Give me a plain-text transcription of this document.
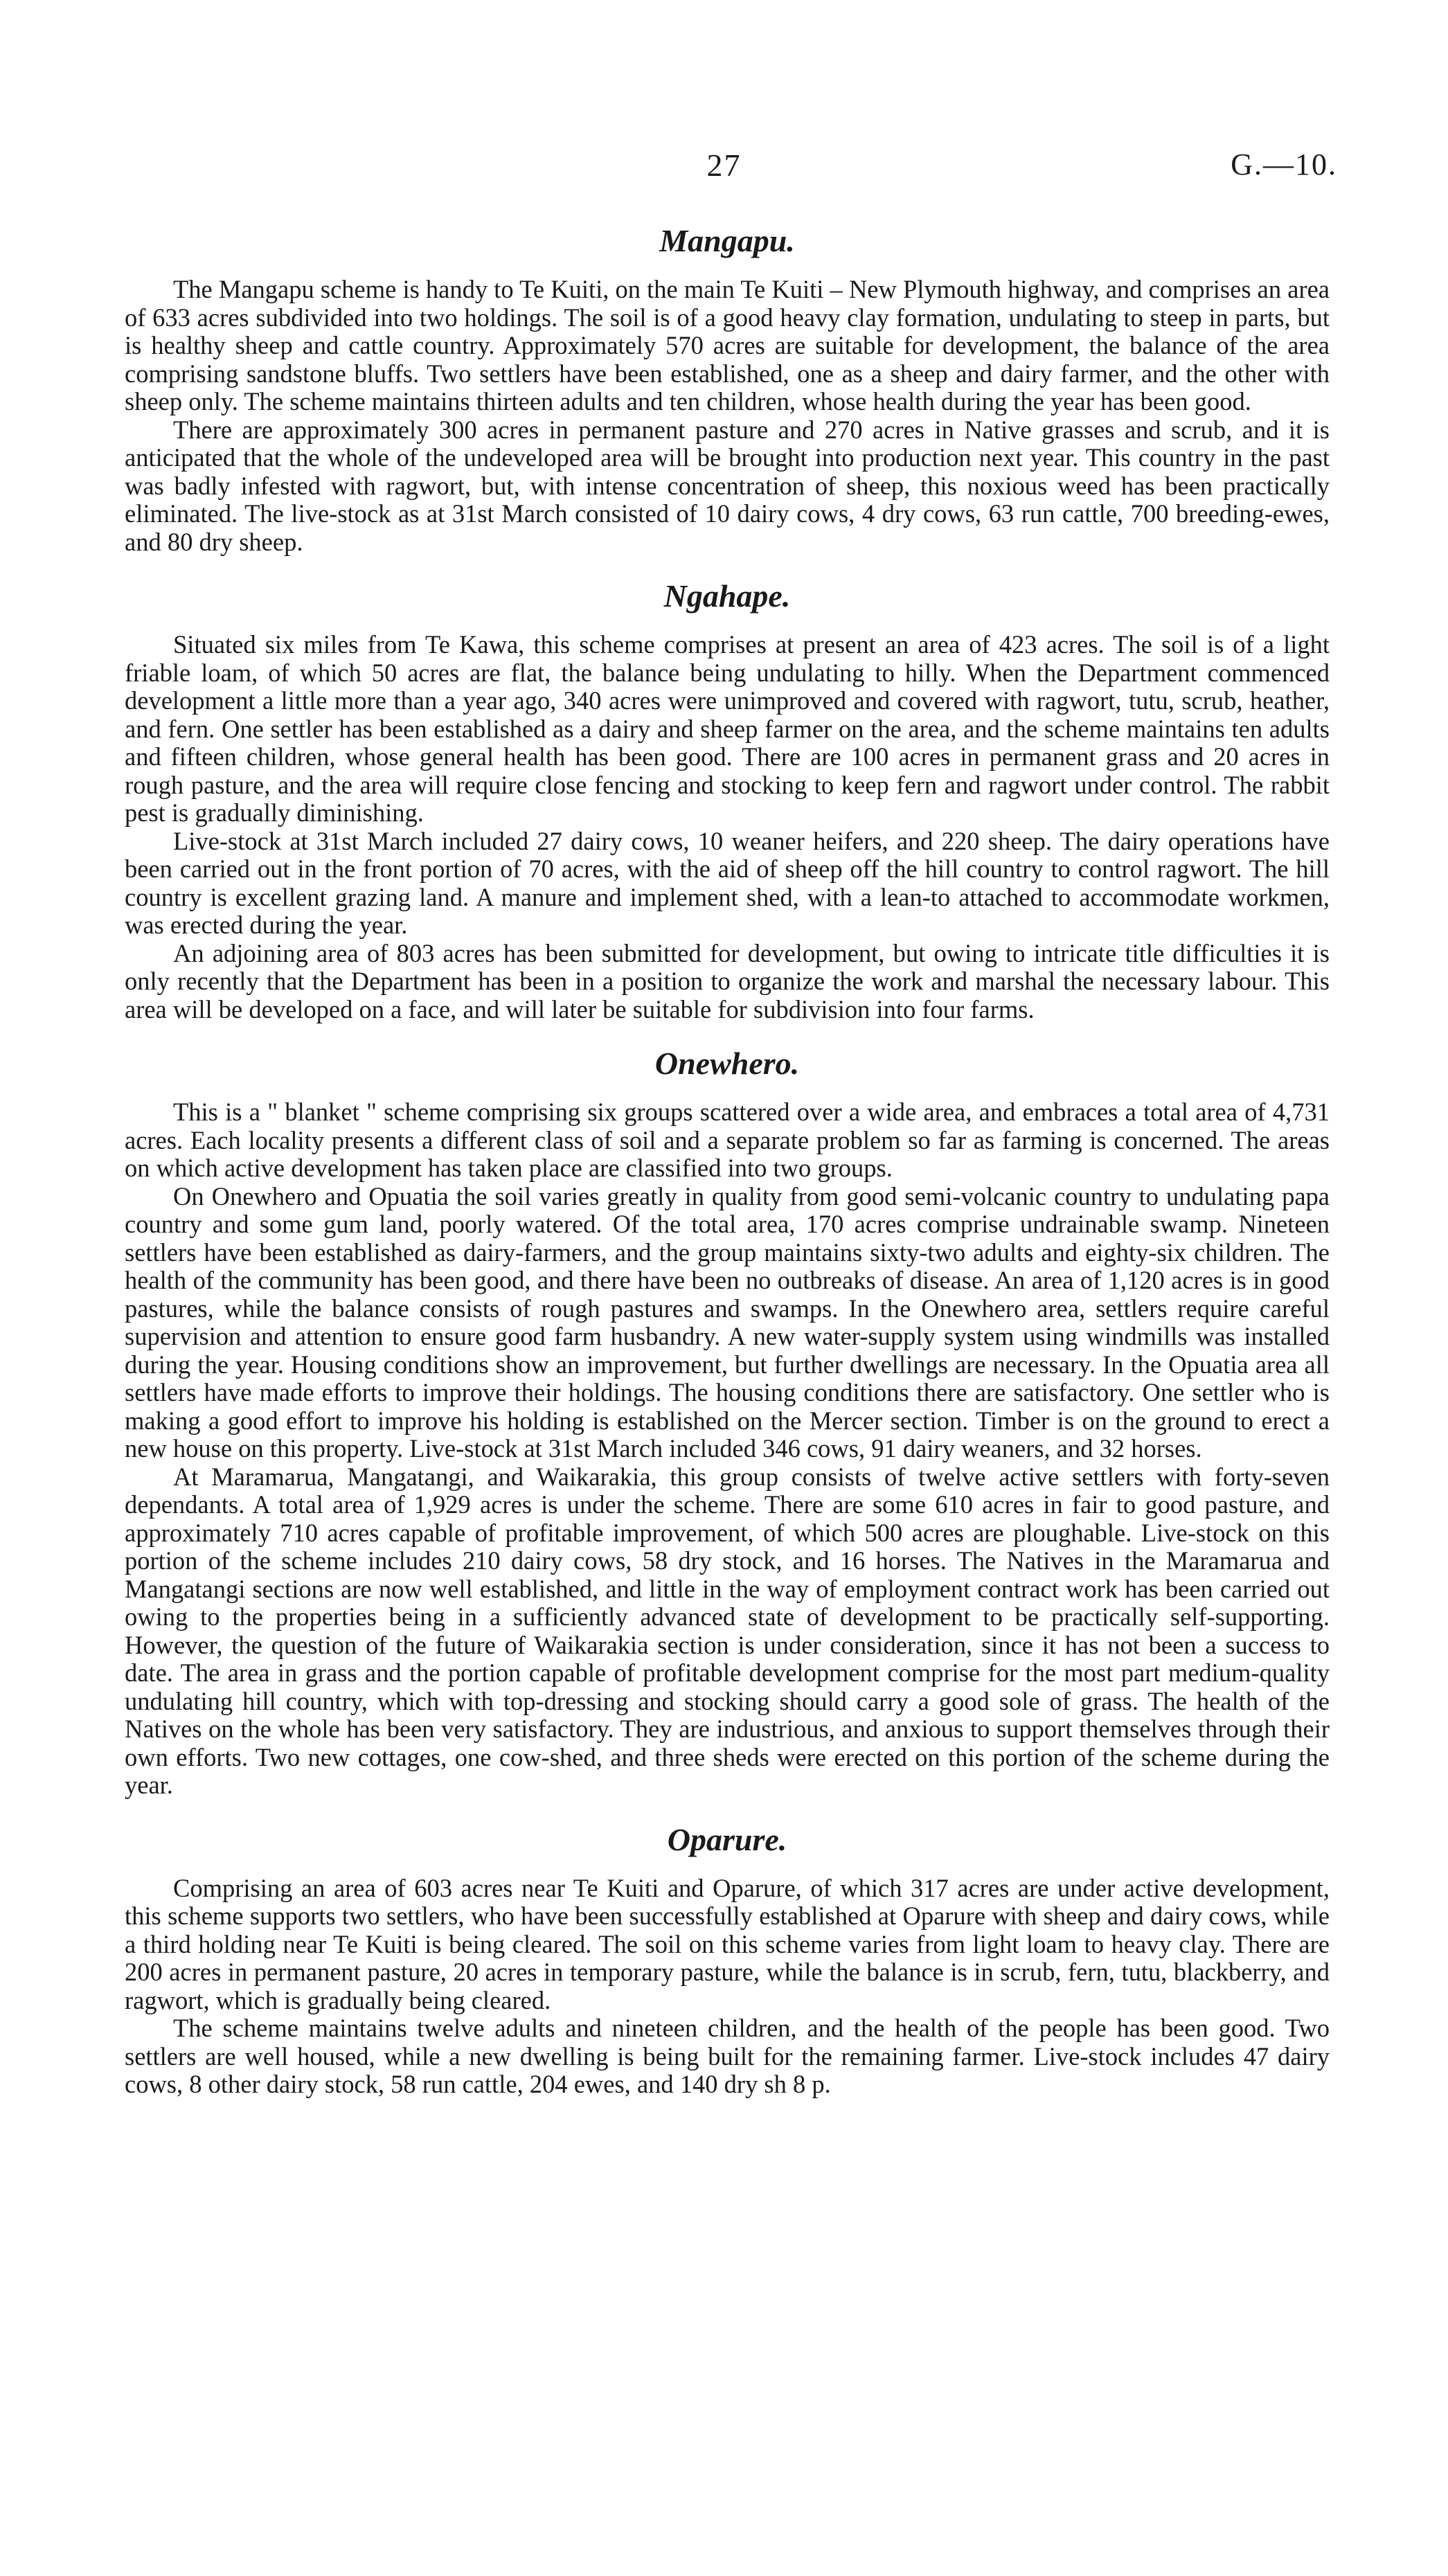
27	G.—10.
Mangapu.

The Mangapu scheme is handy to Te Kuiti, on the main Te Kuiti – New Plymouth highway, and comprises an area of 633 acres subdivided into two holdings. The soil is of a good heavy clay formation, undulating to steep in parts, but is healthy sheep and cattle country. Approximately 570 acres are suitable for development, the balance of the area comprising sandstone bluffs. Two settlers have been established, one as a sheep and dairy farmer, and the other with sheep only. The scheme maintains thirteen adults and ten children, whose health during the year has been good.

There are approximately 300 acres in permanent pasture and 270 acres in Native grasses and scrub, and it is anticipated that the whole of the undeveloped area will be brought into production next year. This country in the past was badly infested with ragwort, but, with intense concentration of sheep, this noxious weed has been practically eliminated. The live-stock as at 31st March consisted of 10 dairy cows, 4 dry cows, 63 run cattle, 700 breeding-ewes, and 80 dry sheep.

Ngahape.

Situated six miles from Te Kawa, this scheme comprises at present an area of 423 acres. The soil is of a light friable loam, of which 50 acres are flat, the balance being undulating to hilly. When the Department commenced development a little more than a year ago, 340 acres were unimproved and covered with ragwort, tutu, scrub, heather, and fern. One settler has been established as a dairy and sheep farmer on the area, and the scheme maintains ten adults and fifteen children, whose general health has been good. There are 100 acres in permanent grass and 20 acres in rough pasture, and the area will require close fencing and stocking to keep fern and ragwort under control. The rabbit pest is gradually diminishing.

Live-stock at 31st March included 27 dairy cows, 10 weaner heifers, and 220 sheep. The dairy operations have been carried out in the front portion of 70 acres, with the aid of sheep off the hill country to control ragwort. The hill country is excellent grazing land. A manure and implement shed, with a lean-to attached to accommodate workmen, was erected during the year.

An adjoining area of 803 acres has been submitted for development, but owing to intricate title difficulties it is only recently that the Department has been in a position to organize the work and marshal the necessary labour. This area will be developed on a face, and will later be suitable for subdivision into four farms.

Onewhero.

This is a " blanket " scheme comprising six groups scattered over a wide area, and embraces a total area of 4,731 acres. Each locality presents a different class of soil and a separate problem so far as farming is concerned. The areas on which active development has taken place are classified into two groups.

On Onewhero and Opuatia the soil varies greatly in quality from good semi-volcanic country to undulating papa country and some gum land, poorly watered. Of the total area, 170 acres comprise undrainable swamp. Nineteen settlers have been established as dairy-farmers, and the group maintains sixty-two adults and eighty-six children. The health of the community has been good, and there have been no outbreaks of disease. An area of 1,120 acres is in good pastures, while the balance consists of rough pastures and swamps. In the Onewhero area, settlers require careful supervision and attention to ensure good farm husbandry. A new water-supply system using windmills was installed during the year. Housing conditions show an improvement, but further dwellings are necessary. In the Opuatia area all settlers have made efforts to improve their holdings. The housing conditions there are satisfactory. One settler who is making a good effort to improve his holding is established on the Mercer section. Timber is on the ground to erect a new house on this property. Live-stock at 31st March included 346 cows, 91 dairy weaners, and 32 horses.

At Maramarua, Mangatangi, and Waikarakia, this group consists of twelve active settlers with forty-seven dependants. A total area of 1,929 acres is under the scheme. There are some 610 acres in fair to good pasture, and approximately 710 acres capable of profitable improvement, of which 500 acres are ploughable. Live-stock on this portion of the scheme includes 210 dairy cows, 58 dry stock, and 16 horses. The Natives in the Maramarua and Mangatangi sections are now well established, and little in the way of employment contract work has been carried out owing to the properties being in a sufficiently advanced state of development to be practically self-supporting. However, the question of the future of Waikarakia section is under consideration, since it has not been a success to date. The area in grass and the portion capable of profitable development comprise for the most part medium-quality undulating hill country, which with top-dressing and stocking should carry a good sole of grass. The health of the Natives on the whole has been very satisfactory. They are industrious, and anxious to support themselves through their own efforts. Two new cottages, one cow-shed, and three sheds were erected on this portion of the scheme during the year.

Oparure.

Comprising an area of 603 acres near Te Kuiti and Oparure, of which 317 acres are under active development, this scheme supports two settlers, who have been successfully established at Oparure with sheep and dairy cows, while a third holding near Te Kuiti is being cleared. The soil on this scheme varies from light loam to heavy clay. There are 200 acres in permanent pasture, 20 acres in temporary pasture, while the balance is in scrub, fern, tutu, blackberry, and ragwort, which is gradually being cleared.

The scheme maintains twelve adults and nineteen children, and the health of the people has been good. Two settlers are well housed, while a new dwelling is being built for the remaining farmer. Live-stock includes 47 dairy cows, 8 other dairy stock, 58 run cattle, 204 ewes, and 140 dry sh 8 p.
